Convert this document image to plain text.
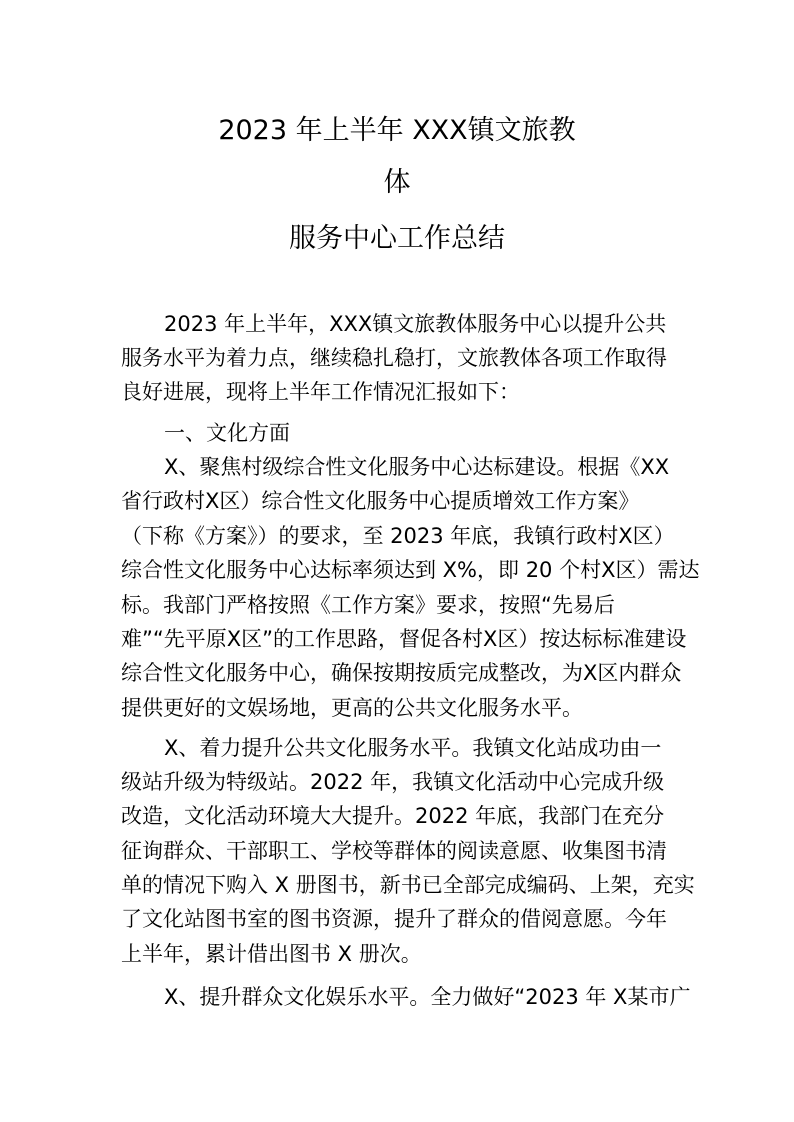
2023 年上半年 XXX镇文旅教
体
服务中心工作总结
2023 年上半年，XXX镇文旅教体服务中心以提升公共
服务水平为着力点，继续稳扎稳打，文旅教体各项工作取得
良好进展，现将上半年工作情况汇报如下：
一、文化方面
X、聚焦村级综合性文化服务中心达标建设。根据《XX
省行政村X区）综合性文化服务中心提质增效工作方案》
（下称《方案》）的要求，至 2023 年底，我镇行政村X区）
综合性文化服务中心达标率须达到 X%，即 20 个村X区）需达
标。我部门严格按照《工作方案》要求，按照“先易后
难”“先平原X区”的工作思路，督促各村X区）按达标标准建设
综合性文化服务中心，确保按期按质完成整改，为X区内群众
提供更好的文娱场地，更高的公共文化服务水平。
X、着力提升公共文化服务水平。我镇文化站成功由一
级站升级为特级站。2022 年，我镇文化活动中心完成升级
改造，文化活动环境大大提升。2022 年底，我部门在充分
征询群众、干部职工、学校等群体的阅读意愿、收集图书清
单的情况下购入 X 册图书，新书已全部完成编码、上架，充实
了文化站图书室的图书资源，提升了群众的借阅意愿。今年
上半年，累计借出图书 X 册次。
X、提升群众文化娱乐水平。全力做好“2023 年 X某市广
